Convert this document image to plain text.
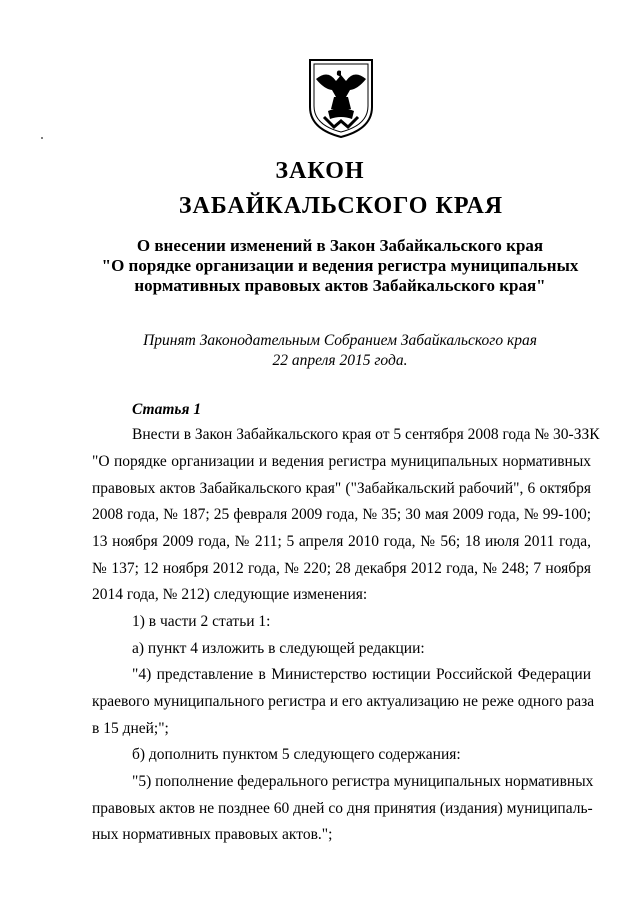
ЗАКОН
ЗАБАЙКАЛЬСКОГО КРАЯ
О внесении изменений в Закон Забайкальского края
"О порядке организации и ведения регистра муниципальных
нормативных правовых актов Забайкальского края"
Принят Законодательным Собранием Забайкальского края
22 апреля 2015 года.
Статья 1
Внести в Закон Забайкальского края от 5 сентября 2008 года № 30-ЗЗК
"О порядке организации и ведения регистра муниципальных нормативных
правовых актов Забайкальского края" ("Забайкальский рабочий", 6 октября
2008 года, № 187; 25 февраля 2009 года, № 35; 30 мая 2009 года, № 99-100;
13 ноября 2009 года, № 211; 5 апреля 2010 года, № 56; 18 июля 2011 года,
№ 137; 12 ноября 2012 года, № 220; 28 декабря 2012 года, № 248; 7 ноября
2014 года, № 212) следующие изменения:
1) в части 2 статьи 1:
а) пункт 4 изложить в следующей редакции:
"4) представление в Министерство юстиции Российской Федерации
краевого муниципального регистра и его актуализацию не реже одного раза
в 15 дней;";
б) дополнить пунктом 5 следующего содержания:
"5) пополнение федерального регистра муниципальных нормативных
правовых актов не позднее 60 дней со дня принятия (издания) муниципаль-
ных нормативных правовых актов.";
